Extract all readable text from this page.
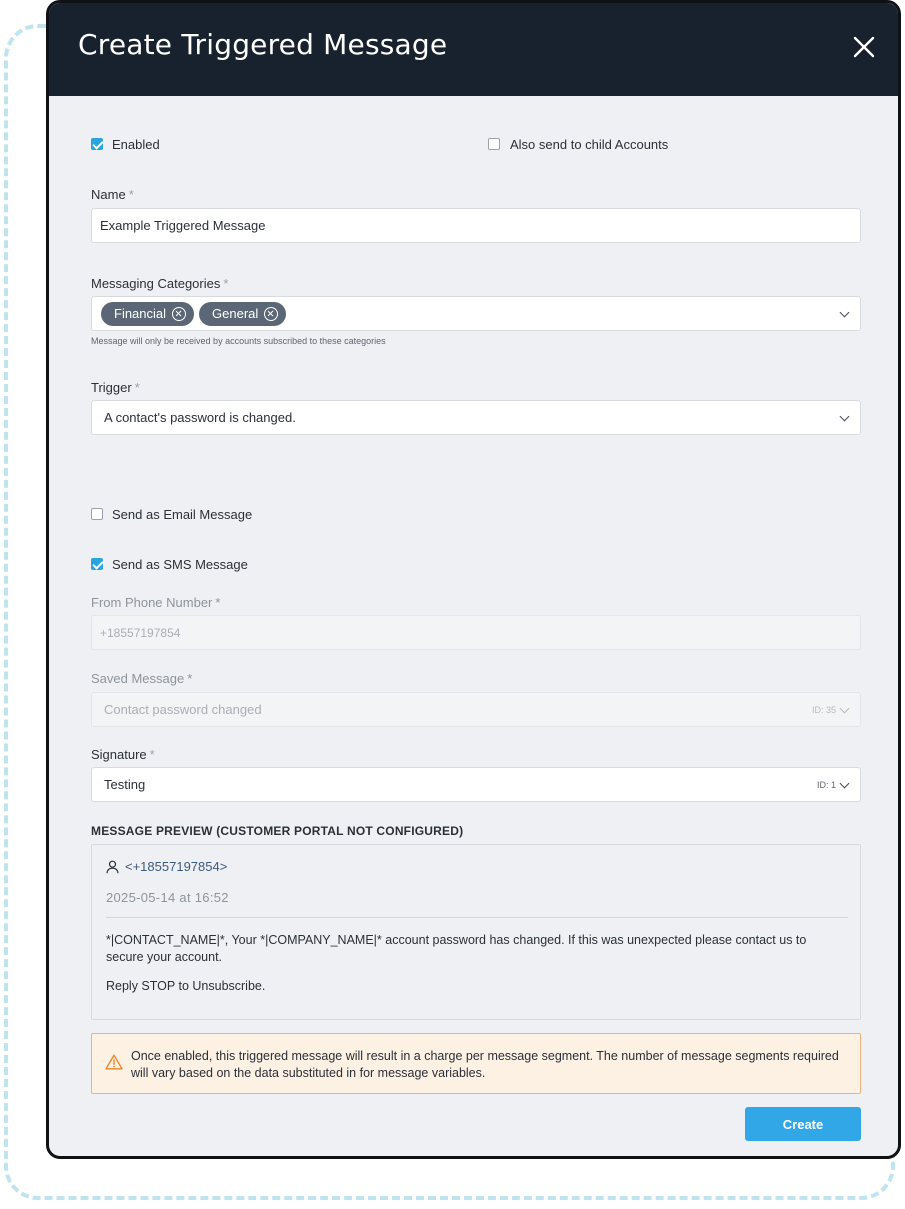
Create Triggered Message
Enabled	Also send to child Accounts
Name *
Example Triggered Message
Messaging Categories *
Financial	General
Message will only be received by accounts subscribed to these categories
Trigger *
A contact's password is changed.
Send as Email Message
Send as SMS Message
From Phone Number *
+18557197854
Saved Message *
Contact password changed	ID: 35
Signature *
Testing	ID: 1
MESSAGE PREVIEW (CUSTOMER PORTAL NOT CONFIGURED)
<+18557197854>
2025-05-14 at 16:52

*|CONTACT_NAME|*, Your *|COMPANY_NAME|* account password has changed. If this was unexpected please contact us to secure your account.

Reply STOP to Unsubscribe.

Once enabled, this triggered message will result in a charge per message segment. The number of message segments required will vary based on the data substituted in for message variables.
Create
